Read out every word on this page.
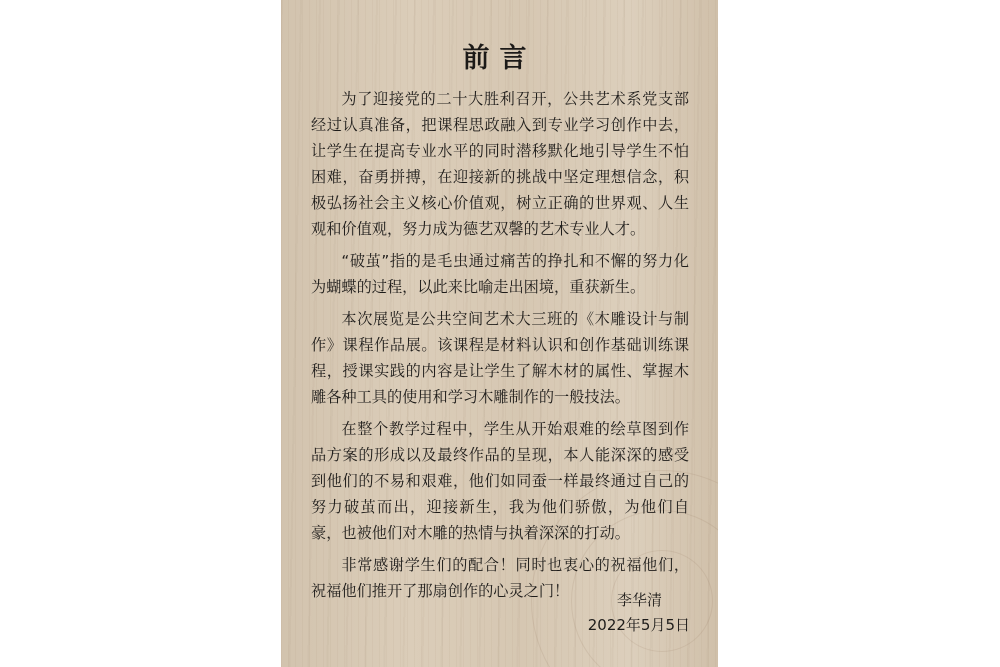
前言

为了迎接党的二十大胜利召开，公共艺术系党支部经过认真准备，把课程思政融入到专业学习创作中去，让学生在提高专业水平的同时潜移默化地引导学生不怕困难，奋勇拼搏，在迎接新的挑战中坚定理想信念，积极弘扬社会主义核心价值观，树立正确的世界观、人生观和价值观，努力成为德艺双馨的艺术专业人才。

“破茧”指的是毛虫通过痛苦的挣扎和不懈的努力化为蝴蝶的过程，以此来比喻走出困境，重获新生。

本次展览是公共空间艺术大三班的《木雕设计与制作》课程作品展。该课程是材料认识和创作基础训练课程，授课实践的内容是让学生了解木材的属性、掌握木雕各种工具的使用和学习木雕制作的一般技法。

在整个教学过程中，学生从开始艰难的绘草图到作品方案的形成以及最终作品的呈现，本人能深深的感受到他们的不易和艰难，他们如同蚕一样最终通过自己的努力破茧而出，迎接新生，我为他们骄傲，为他们自豪，也被他们对木雕的热情与执着深深的打动。

非常感谢学生们的配合！同时也衷心的祝福他们，祝福他们推开了那扇创作的心灵之门！	李华清
2022年5月5日
